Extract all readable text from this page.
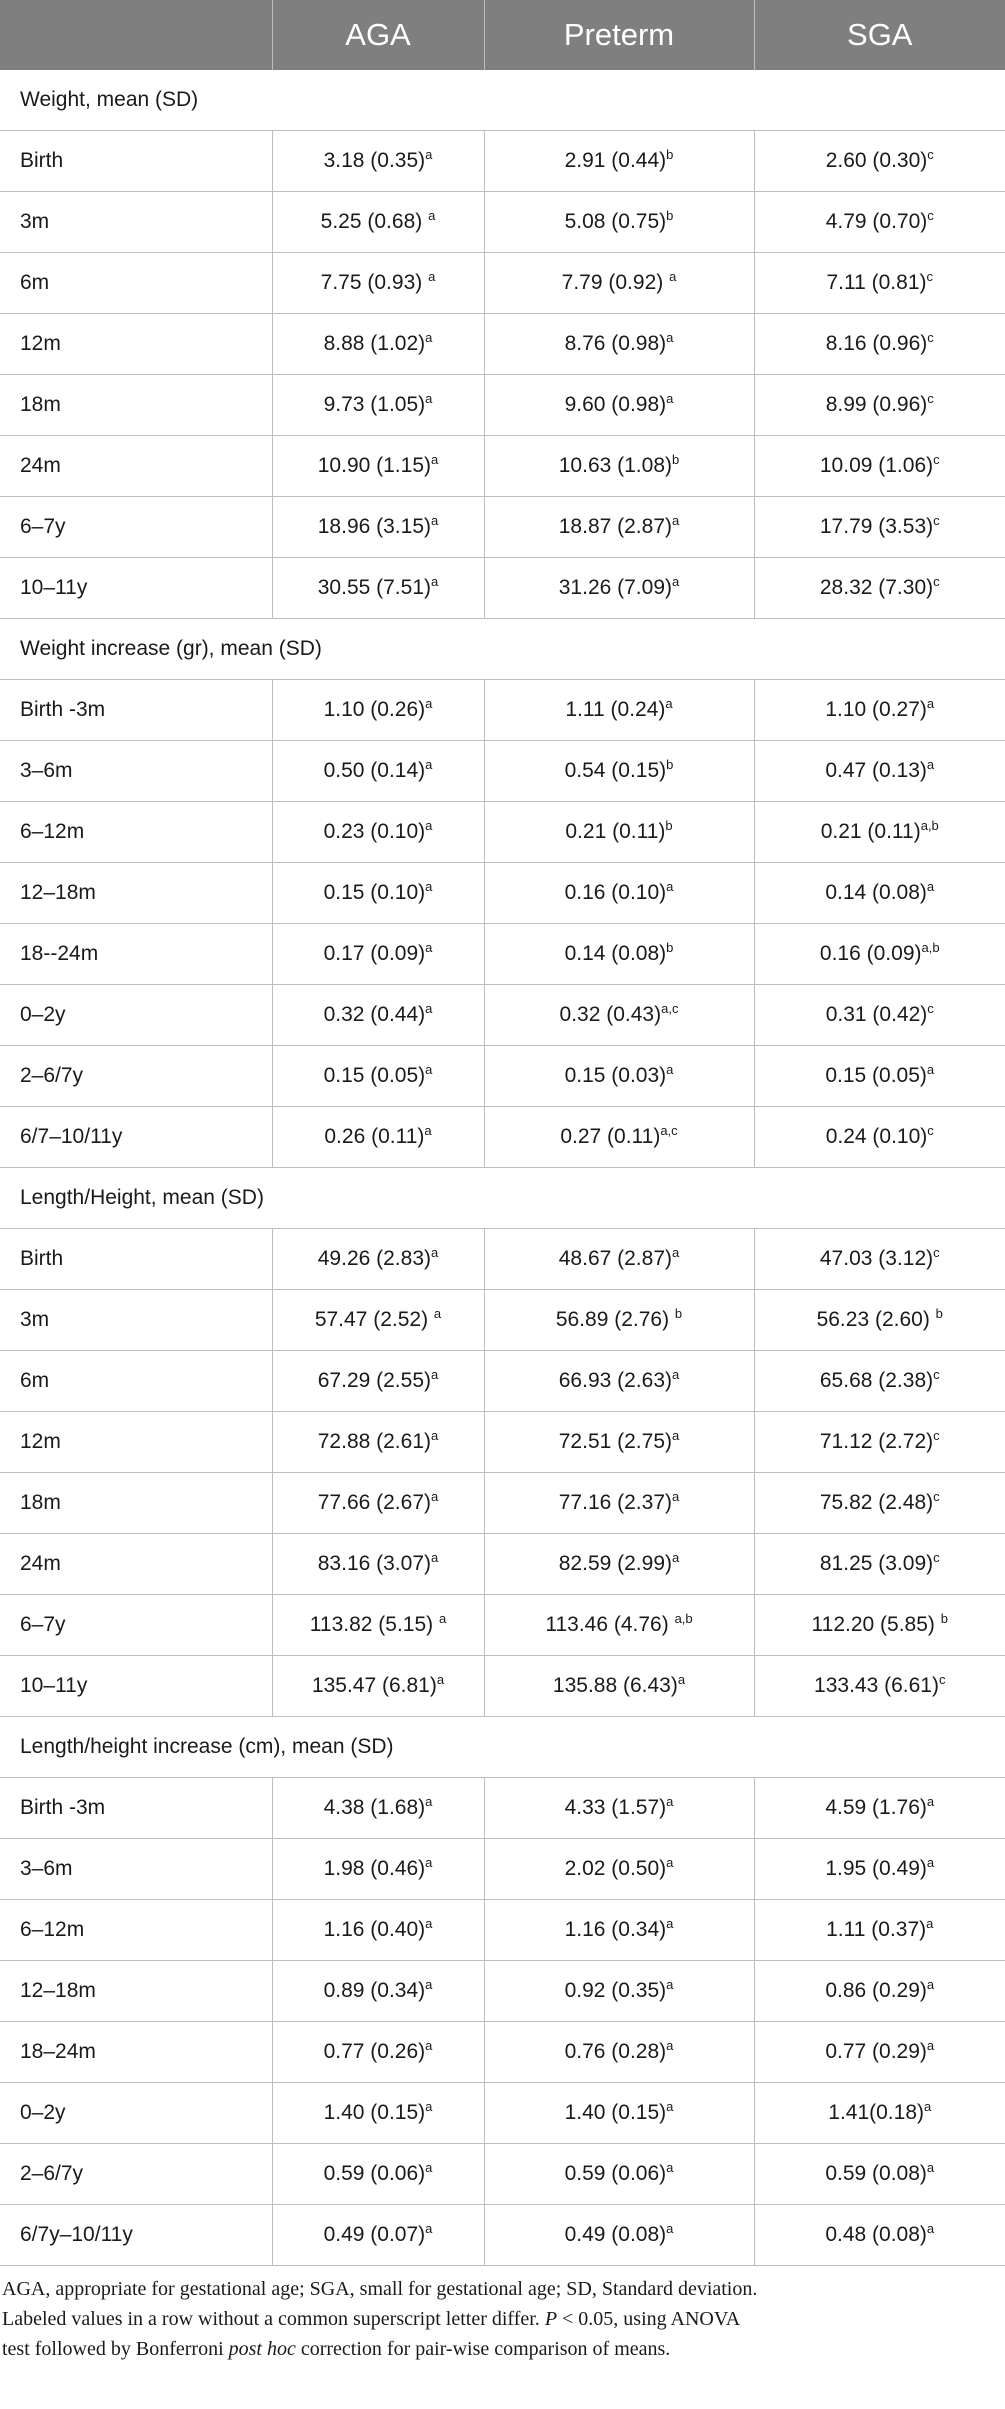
	AGA	Preterm	SGA
Weight, mean (SD)			
Birth	3.18 $(0.35)^a$	2.91 $(0.44)^b$	2.60 $(0.30)^c$
3m	5.25 (0.68) $^a$	5.08 $(0.75)^b$	4.79 $(0.70)^c$
6m	7.75 (0.93) $^a$	7.79 (0.92) $^a$	7.11 $(0.81)^c$
12m	8.88 $(1.02)^a$	8.76 $(0.98)^a$	8.16 $(0.96)^c$
18m	9.73 $(1.05)^a$	9.60 $(0.98)^a$	8.99 $(0.96)^c$
24m	10.90 $(1.15)^a$	10.63 $(1.08)^b$	10.09 $(1.06)^c$
6–7y	18.96 $(3.15)^a$	18.87 $(2.87)^a$	17.79 $(3.53)^c$
10–11y	30.55 $(7.51)^a$	31.26 $(7.09)^a$	28.32 $(7.30)^c$
Weight increase (gr), mean (SD)			
Birth -3m	1.10 $(0.26)^a$	1.11 $(0.24)^a$	1.10 $(0.27)^a$
3–6m	0.50 $(0.14)^a$	0.54 $(0.15)^b$	0.47 $(0.13)^a$
6–12m	0.23 $(0.10)^a$	0.21 $(0.11)^b$	0.21 $(0.11)^{a,b}$
12–18m	0.15 $(0.10)^a$	0.16 $(0.10)^a$	0.14 $(0.08)^a$
18--24m	0.17 $(0.09)^a$	0.14 $(0.08)^b$	0.16 $(0.09)^{a,b}$
0–2y	0.32 $(0.44)^a$	0.32 $(0.43)^{a,c}$	0.31 $(0.42)^c$
2–6/7y	0.15 $(0.05)^a$	0.15 $(0.03)^a$	0.15 $(0.05)^a$
6/7–10/11y	0.26 $(0.11)^a$	0.27 $(0.11)^{a,c}$	0.24 $(0.10)^c$
Length/Height, mean (SD)			
Birth	49.26 $(2.83)^a$	48.67 $(2.87)^a$	47.03 $(3.12)^c$
3m	57.47 (2.52) $^a$	56.89 (2.76) $^b$	56.23 (2.60) $^b$
6m	67.29 $(2.55)^a$	66.93 $(2.63)^a$	65.68 $(2.38)^c$
12m	72.88 $(2.61)^a$	72.51 $(2.75)^a$	71.12 $(2.72)^c$
18m	77.66 $(2.67)^a$	77.16 $(2.37)^a$	75.82 $(2.48)^c$
24m	83.16 $(3.07)^a$	82.59 $(2.99)^a$	81.25 $(3.09)^c$
6–7y	113.82 (5.15) $^a$	113.46 (4.76) $^{a,b}$	112.20 (5.85) $^b$
10–11y	135.47 $(6.81)^a$	135.88 $(6.43)^a$	133.43 $(6.61)^c$
Length/height increase (cm), mean (SD)			
Birth -3m	4.38 $(1.68)^a$	4.33 $(1.57)^a$	4.59 $(1.76)^a$
3–6m	1.98 $(0.46)^a$	2.02 $(0.50)^a$	1.95 $(0.49)^a$
6–12m	1.16 $(0.40)^a$	1.16 $(0.34)^a$	1.11 $(0.37)^a$
12–18m	0.89 $(0.34)^a$	0.92 $(0.35)^a$	0.86 $(0.29)^a$
18–24m	0.77 $(0.26)^a$	0.76 $(0.28)^a$	0.77 $(0.29)^a$
0–2y	1.40 $(0.15)^a$	1.40 $(0.15)^a$	$1.41(0.18)^a$
2–6/7y	0.59 $(0.06)^a$	0.59 $(0.06)^a$	0.59 $(0.08)^a$
6/7y–10/11y	0.49 $(0.07)^a$	0.49 $(0.08)^a$	0.48 $(0.08)^a$
AGA, appropriate for gestational age; SGA, small for gestational age; SD, Standard deviation.
Labeled values in a row without a common superscript letter differ. P < 0.05, using ANOVA
test followed by Bonferroni post hoc correction for pair-wise comparison of means.
